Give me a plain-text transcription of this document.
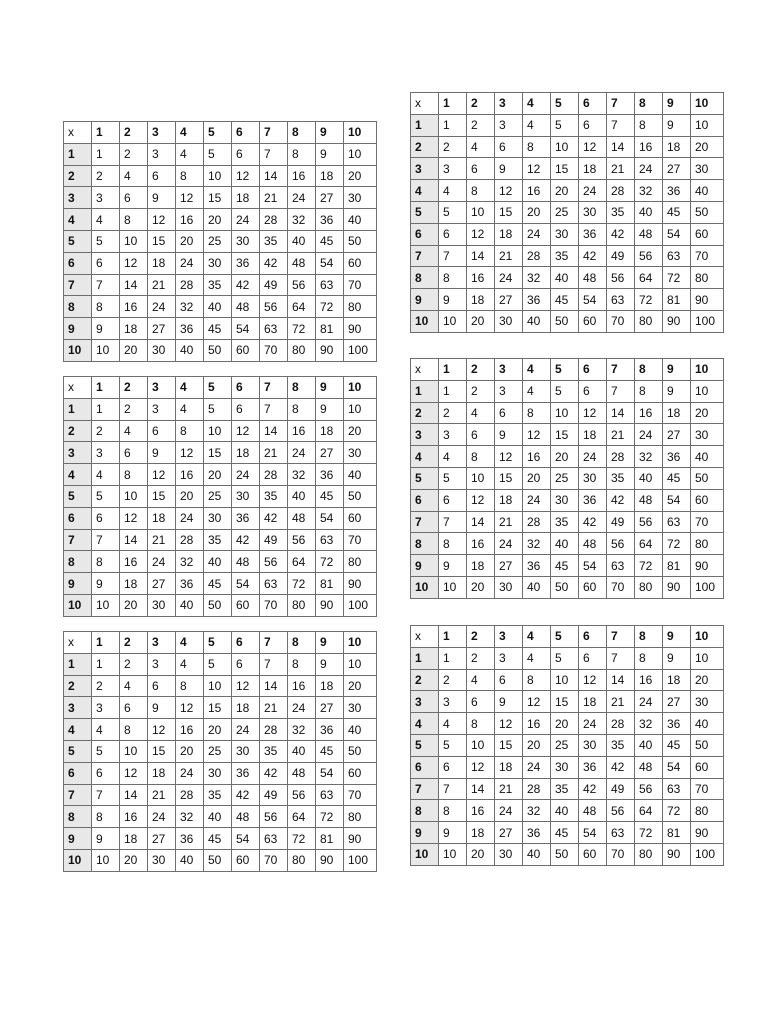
x	1	2	3	4	5	6	7	8	9	10
1	1	2	3	4	5	6	7	8	9	10
2	2	4	6	8	10	12	14	16	18	20
3	3	6	9	12	15	18	21	24	27	30
4	4	8	12	16	20	24	28	32	36	40
5	5	10	15	20	25	30	35	40	45	50
6	6	12	18	24	30	36	42	48	54	60
7	7	14	21	28	35	42	49	56	63	70
8	8	16	24	32	40	48	56	64	72	80
9	9	18	27	36	45	54	63	72	81	90
10	10	20	30	40	50	60	70	80	90	100
x	1	2	3	4	5	6	7	8	9	10
1	1	2	3	4	5	6	7	8	9	10
2	2	4	6	8	10	12	14	16	18	20
3	3	6	9	12	15	18	21	24	27	30
4	4	8	12	16	20	24	28	32	36	40
5	5	10	15	20	25	30	35	40	45	50
6	6	12	18	24	30	36	42	48	54	60
7	7	14	21	28	35	42	49	56	63	70
8	8	16	24	32	40	48	56	64	72	80
9	9	18	27	36	45	54	63	72	81	90
10	10	20	30	40	50	60	70	80	90	100
x	1	2	3	4	5	6	7	8	9	10
1	1	2	3	4	5	6	7	8	9	10
2	2	4	6	8	10	12	14	16	18	20
3	3	6	9	12	15	18	21	24	27	30
4	4	8	12	16	20	24	28	32	36	40
5	5	10	15	20	25	30	35	40	45	50
6	6	12	18	24	30	36	42	48	54	60
7	7	14	21	28	35	42	49	56	63	70
8	8	16	24	32	40	48	56	64	72	80
9	9	18	27	36	45	54	63	72	81	90
10	10	20	30	40	50	60	70	80	90	100
x	1	2	3	4	5	6	7	8	9	10
1	1	2	3	4	5	6	7	8	9	10
2	2	4	6	8	10	12	14	16	18	20
3	3	6	9	12	15	18	21	24	27	30
4	4	8	12	16	20	24	28	32	36	40
5	5	10	15	20	25	30	35	40	45	50
6	6	12	18	24	30	36	42	48	54	60
7	7	14	21	28	35	42	49	56	63	70
8	8	16	24	32	40	48	56	64	72	80
9	9	18	27	36	45	54	63	72	81	90
10	10	20	30	40	50	60	70	80	90	100
x	1	2	3	4	5	6	7	8	9	10
1	1	2	3	4	5	6	7	8	9	10
2	2	4	6	8	10	12	14	16	18	20
3	3	6	9	12	15	18	21	24	27	30
4	4	8	12	16	20	24	28	32	36	40
5	5	10	15	20	25	30	35	40	45	50
6	6	12	18	24	30	36	42	48	54	60
7	7	14	21	28	35	42	49	56	63	70
8	8	16	24	32	40	48	56	64	72	80
9	9	18	27	36	45	54	63	72	81	90
10	10	20	30	40	50	60	70	80	90	100
x	1	2	3	4	5	6	7	8	9	10
1	1	2	3	4	5	6	7	8	9	10
2	2	4	6	8	10	12	14	16	18	20
3	3	6	9	12	15	18	21	24	27	30
4	4	8	12	16	20	24	28	32	36	40
5	5	10	15	20	25	30	35	40	45	50
6	6	12	18	24	30	36	42	48	54	60
7	7	14	21	28	35	42	49	56	63	70
8	8	16	24	32	40	48	56	64	72	80
9	9	18	27	36	45	54	63	72	81	90
10	10	20	30	40	50	60	70	80	90	100
